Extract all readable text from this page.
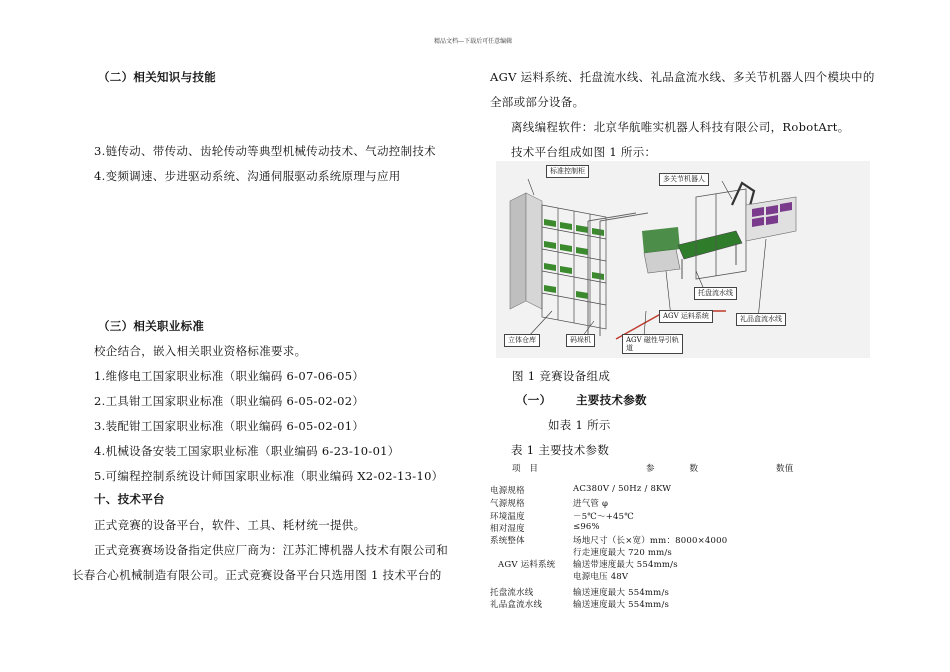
精品文档---下载后可任意编辑
（二）相关知识与技能
3.链传动、带传动、齿轮传动等典型机械传动技术、气动控制技术
4.变频调速、步进驱动系统、沟通伺服驱动系统原理与应用
（三）相关职业标准
校企结合，嵌入相关职业资格标准要求。
1.维修电工国家职业标准（职业编码 6-07-06-05）
2.工具钳工国家职业标准（职业编码 6-05-02-02）
3.装配钳工国家职业标准（职业编码 6-05-02-01）
4.机械设备安装工国家职业标准（职业编码 6-23-10-01）
5.可编程控制系统设计师国家职业标准（职业编码 X2-02-13-10）
十、技术平台
正式竞赛的设备平台，软件、工具、耗材统一提供。
正式竞赛赛场设备指定供应厂商为：江苏汇博机器人技术有限公司和
长春合心机械制造有限公司。正式竞赛设备平台只选用图 1 技术平台的
AGV 运料系统、托盘流水线、礼品盒流水线、多关节机器人四个模块中的
全部或部分设备。
离线编程软件：北京华航唯实机器人科技有限公司，RobotArt。
技术平台组成如图 1 所示：
标准控制柜
多关节机器人
托盘流水线
AGV 运料系统	礼品盒流水线
立体仓库	码垛机	AGV 磁性导引轨
道
图 1 竞赛设备组成
（一） 主要技术参数
如表 1 所示
表 1 主要技术参数
项　目	参　　　　数	数值
电源规格	AC380V / 50Hz / 8KW
气源规格	进气管 φ
环境温度	－5℃～+45℃
相对湿度	≤96%
系统整体	场地尺寸（长×宽）mm：8000×4000
行走速度最大 720 mm/s
AGV 运料系统 输送带速度最大 554mm/s
电源电压 48V
托盘流水线	输送速度最大 554mm/s
礼品盒流水线	输送速度最大 554mm/s
